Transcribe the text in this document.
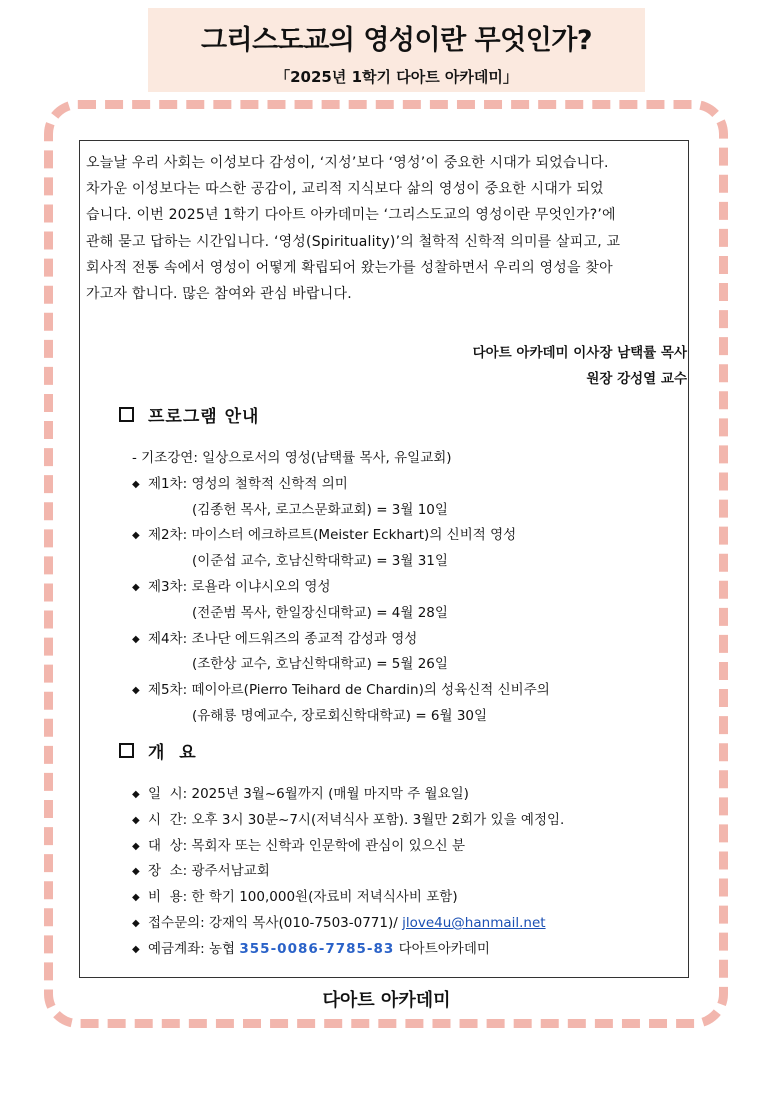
그리스도교의 영성이란 무엇인가?
「2025년 1학기 다아트 아카데미」
오늘날 우리 사회는 이성보다 감성이, ‘지성’보다 ‘영성’이 중요한 시대가 되었습니다.
차가운 이성보다는 따스한 공감이, 교리적 지식보다 삶의 영성이 중요한 시대가 되었
습니다. 이번 2025년 1학기 다아트 아카데미는 ‘그리스도교의 영성이란 무엇인가?’에
관해 묻고 답하는 시간입니다. ‘영성(Spirituality)’의 철학적 신학적 의미를 살피고, 교
회사적 전통 속에서 영성이 어떻게 확립되어 왔는가를 성찰하면서 우리의 영성을 찾아
가고자 합니다. 많은 참여와 관심 바랍니다.
다아트 아카데미 이사장 남택률 목사
원장 강성열 교수
프로그램 안내
- 기조강연: 일상으로서의 영성(남택률 목사, 유일교회)
◆ 제1차: 영성의 철학적 신학적 의미
(김종헌 목사, 로고스문화교회) = 3월 10일
◆ 제2차: 마이스터 에크하르트(Meister Eckhart)의 신비적 영성
(이준섭 교수, 호남신학대학교) = 3월 31일
◆ 제3차: 로욜라 이냐시오의 영성
(전준범 목사, 한일장신대학교) = 4월 28일
◆ 제4차: 조나단 에드워즈의 종교적 감성과 영성
(조한상 교수, 호남신학대학교) = 5월 26일
◆ 제5차: 떼이아르(Pierro Teihard de Chardin)의 성육신적 신비주의
(유해룡 명예교수, 장로회신학대학교) = 6월 30일
개  요
◆ 일  시: 2025년 3월~6월까지 (매월 마지막 주 월요일)
◆ 시  간: 오후 3시 30분~7시(저녁식사 포함). 3월만 2회가 있을 예정임.
◆ 대  상: 목회자 또는 신학과 인문학에 관심이 있으신 분
◆ 장  소: 광주서남교회
◆ 비  용: 한 학기 100,000원(자료비 저녁식사비 포함)
◆ 접수문의: 강재익 목사(010-7503-0771)/ jlove4u@hanmail.net
◆ 예금계좌: 농협 355-0086-7785-83 다아트아카데미
다아트 아카데미
